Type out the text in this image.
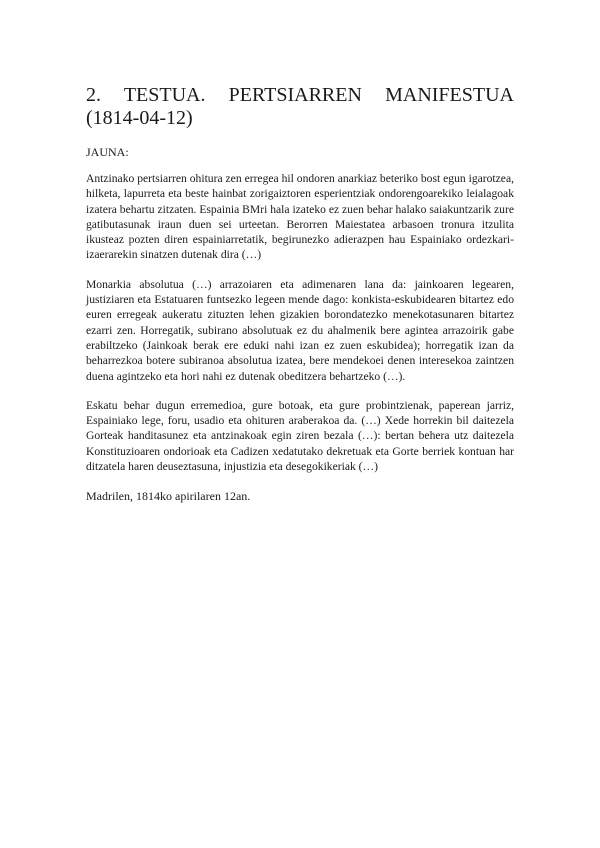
2. TESTUA. PERTSIARREN MANIFESTUA
(1814-04-12)

JAUNA:

Antzinako pertsiarren ohitura zen erregea hil ondoren anarkiaz beteriko bost egun igarotzea, hilketa, lapurreta eta beste hainbat zorigaiztoren esperientziak ondorengoarekiko leialagoak izatera behartu zitzaten. Espainia BMri hala izateko ez zuen behar halako saiakuntzarik zure gatibutasunak iraun duen sei urteetan. Berorren Maiestatea arbasoen tronura itzulita ikusteaz pozten diren espainiarretatik, begirunezko adierazpen hau Espainiako ordezkari-izaerarekin sinatzen dutenak dira (…)

Monarkia absolutua (…) arrazoiaren eta adimenaren lana da: jainkoaren legearen, justiziaren eta Estatuaren funtsezko legeen mende dago: konkista-eskubidearen bitartez edo euren erregeak aukeratu zituzten lehen gizakien borondatezko menekotasunaren bitartez ezarri zen. Horregatik, subirano absolutuak ez du ahalmenik bere agintea arrazoirik gabe erabiltzeko (Jainkoak berak ere eduki nahi izan ez zuen eskubidea); horregatik izan da beharrezkoa botere subiranoa absolutua izatea, bere mendekoei denen interesekoa zaintzen duena agintzeko eta hori nahi ez dutenak obeditzera behartzeko (…).

Eskatu behar dugun erremedioa, gure botoak, eta gure probintzienak, paperean jarriz, Espainiako lege, foru, usadio eta ohituren araberakoa da. (…) Xede horrekin bil daitezela Gorteak handitasunez eta antzinakoak egin ziren bezala (…): bertan behera utz daitezela Konstituzioaren ondorioak eta Cadizen xedatutako dekretuak eta Gorte berriek kontuan har ditzatela haren deuseztasuna, injustizia eta desegokikeriak (…)

Madrilen, 1814ko apirilaren 12an.
